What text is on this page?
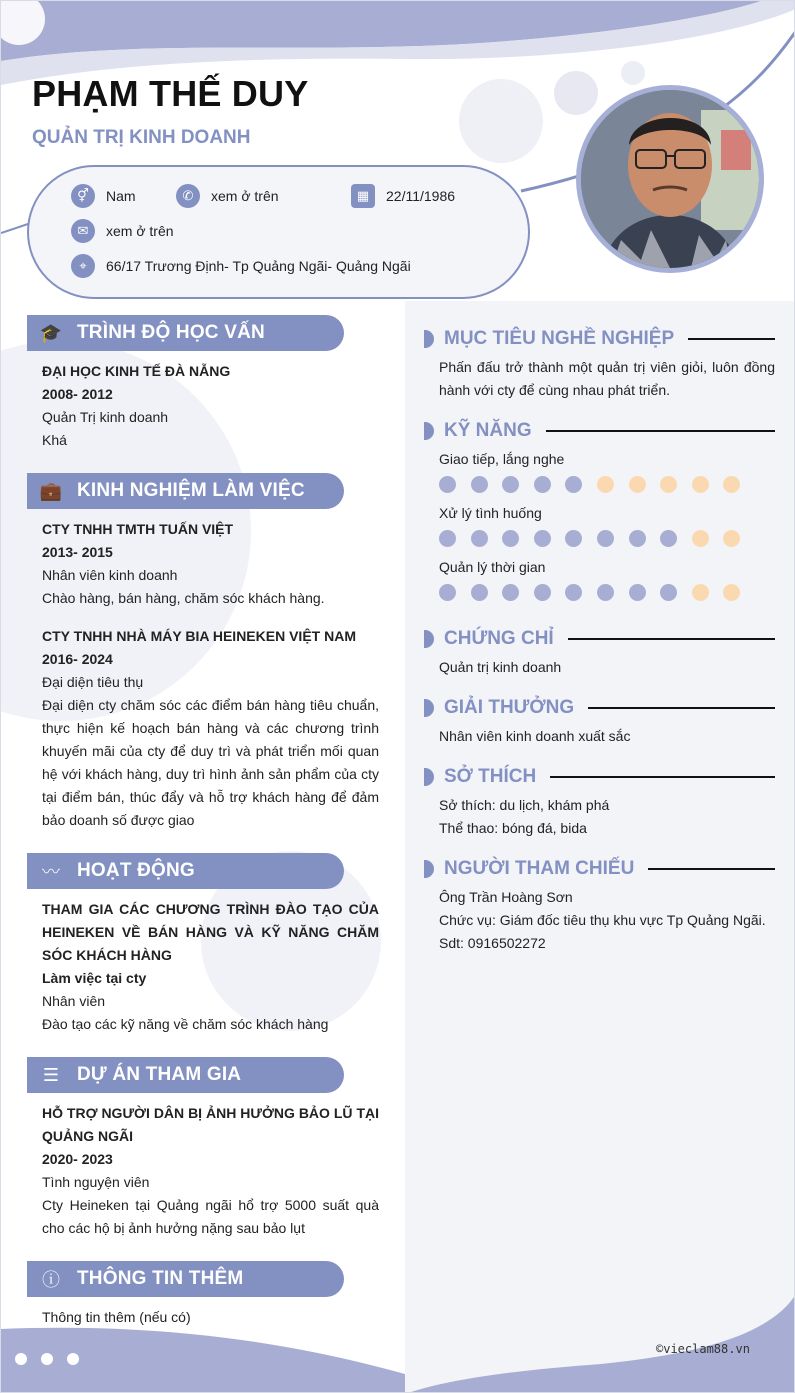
PHẠM THẾ DUY
QUẢN TRỊ KINH DOANH
⚥	Nam	✆	xem ở trên	▦	22/11/1986
✉	xem ở trên
⌖	66/17 Trương Định- Tp Quảng Ngãi- Quảng Ngãi
🎓 TRÌNH ĐỘ HỌC VẤN
ĐẠI HỌC KINH TẾ ĐÀ NẴNG
2008- 2012
Quản Trị kinh doanh
Khá
💼 KINH NGHIỆM LÀM VIỆC
CTY TNHH TMTH TUẤN VIỆT
2013- 2015
Nhân viên kinh doanh
Chào hàng, bán hàng, chăm sóc khách hàng.
CTY TNHH NHÀ MÁY BIA HEINEKEN VIỆT NAM
2016- 2024
Đại diện tiêu thụ
Đại diện cty chăm sóc các điểm bán hàng tiêu chuẩn, thực hiện kế hoạch bán hàng và các chương trình khuyến mãi của cty để duy trì và phát triển mối quan hệ với khách hàng, duy trì hình ảnh sản phẩm của cty tại điểm bán, thúc đẩy và hỗ trợ khách hàng để đảm bảo doanh số được giao
〰 HOẠT ĐỘNG
THAM GIA CÁC CHƯƠNG TRÌNH ĐÀO TẠO CỦA HEINEKEN VỀ BÁN HÀNG VÀ KỸ NĂNG CHĂM SÓC KHÁCH HÀNG
Làm việc tại cty
Nhân viên
Đào tạo các kỹ năng về chăm sóc khách hàng
☰ DỰ ÁN THAM GIA
HỖ TRỢ NGƯỜI DÂN BỊ ẢNH HƯỞNG BẢO LŨ TẠI QUẢNG NGÃI
2020- 2023
Tình nguyện viên
Cty Heineken tại Quảng ngãi hổ trợ 5000 suất quà cho các hộ bị ảnh hưởng nặng sau bảo lụt
ⓘ THÔNG TIN THÊM
Thông tin thêm (nếu có)
MỤC TIÊU NGHỀ NGHIỆP
Phấn đấu trở thành một quản trị viên giỏi, luôn đồng hành với cty để cùng nhau phát triển.
KỸ NĂNG
Giao tiếp, lắng nghe
Xử lý tình huống
Quản lý thời gian
CHỨNG CHỈ
Quản trị kinh doanh
GIẢI THƯỞNG
Nhân viên kinh doanh xuất sắc
SỞ THÍCH
Sở thích: du lịch, khám phá
Thể thao: bóng đá, bida
NGƯỜI THAM CHIẾU
Ông Trần Hoàng Sơn
Chức vụ: Giám đốc tiêu thụ khu vực Tp Quảng Ngãi.
Sdt: 0916502272
©vieclam88.vn
